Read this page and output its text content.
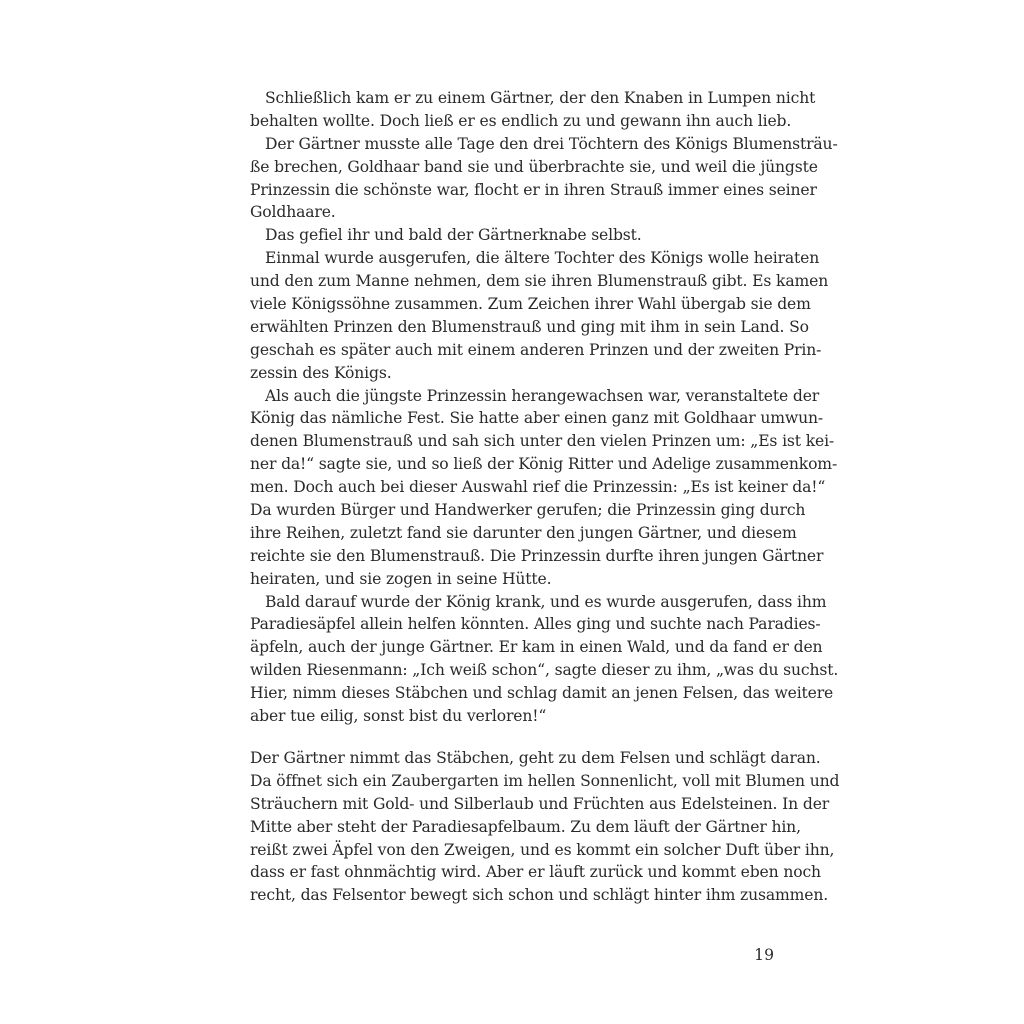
Schließlich kam er zu einem Gärtner, der den Knaben in Lumpen nicht
behalten wollte. Doch ließ er es endlich zu und gewann ihn auch lieb.
Der Gärtner musste alle Tage den drei Töchtern des Königs Blumensträu-
ße brechen, Goldhaar band sie und überbrachte sie, und weil die jüngste
Prinzessin die schönste war, flocht er in ihren Strauß immer eines seiner
Goldhaare.
Das gefiel ihr und bald der Gärtnerknabe selbst.
Einmal wurde ausgerufen, die ältere Tochter des Königs wolle heiraten
und den zum Manne nehmen, dem sie ihren Blumenstrauß gibt. Es kamen
viele Königssöhne zusammen. Zum Zeichen ihrer Wahl übergab sie dem
erwählten Prinzen den Blumenstrauß und ging mit ihm in sein Land. So
geschah es später auch mit einem anderen Prinzen und der zweiten Prin-
zessin des Königs.
Als auch die jüngste Prinzessin herangewachsen war, veranstaltete der
König das nämliche Fest. Sie hatte aber einen ganz mit Goldhaar umwun-
denen Blumenstrauß und sah sich unter den vielen Prinzen um: „Es ist kei-
ner da!“ sagte sie, und so ließ der König Ritter und Adelige zusammenkom-
men. Doch auch bei dieser Auswahl rief die Prinzessin: „Es ist keiner da!“
Da wurden Bürger und Handwerker gerufen; die Prinzessin ging durch
ihre Reihen, zuletzt fand sie darunter den jungen Gärtner, und diesem
reichte sie den Blumenstrauß. Die Prinzessin durfte ihren jungen Gärtner
heiraten, und sie zogen in seine Hütte.
Bald darauf wurde der König krank, und es wurde ausgerufen, dass ihm
Paradiesäpfel allein helfen könnten. Alles ging und suchte nach Paradies-
äpfeln, auch der junge Gärtner. Er kam in einen Wald, und da fand er den
wilden Riesenmann: „Ich weiß schon“, sagte dieser zu ihm, „was du suchst.
Hier, nimm dieses Stäbchen und schlag damit an jenen Felsen, das weitere
aber tue eilig, sonst bist du verloren!“
Der Gärtner nimmt das Stäbchen, geht zu dem Felsen und schlägt daran.
Da öffnet sich ein Zaubergarten im hellen Sonnenlicht, voll mit Blumen und
Sträuchern mit Gold- und Silberlaub und Früchten aus Edelsteinen. In der
Mitte aber steht der Paradiesapfelbaum. Zu dem läuft der Gärtner hin,
reißt zwei Äpfel von den Zweigen, und es kommt ein solcher Duft über ihn,
dass er fast ohnmächtig wird. Aber er läuft zurück und kommt eben noch
recht, das Felsentor bewegt sich schon und schlägt hinter ihm zusammen.
19
